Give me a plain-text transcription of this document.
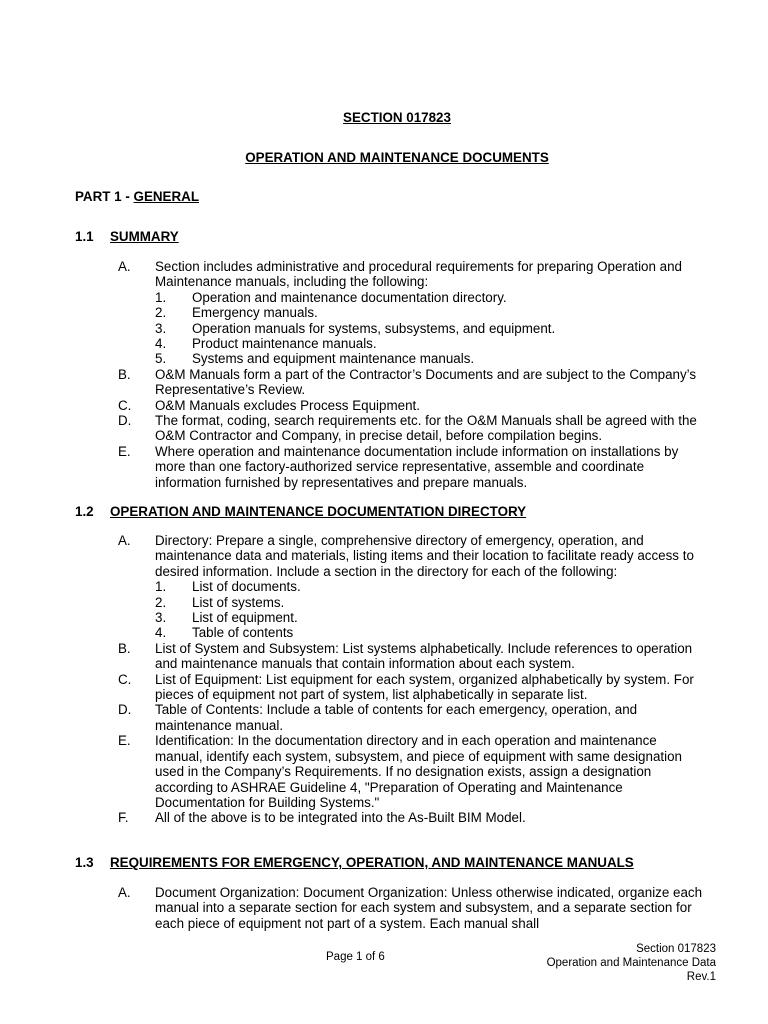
SECTION 017823
OPERATION AND MAINTENANCE DOCUMENTS
PART 1 - GENERAL
1.1 SUMMARY
A.	Section includes administrative and procedural requirements for preparing Operation and Maintenance manuals, including the following:
1.	Operation and maintenance documentation directory.
2.	Emergency manuals.
3.	Operation manuals for systems, subsystems, and equipment.
4.	Product maintenance manuals.
5.	Systems and equipment maintenance manuals.
B.	O&M Manuals form a part of the Contractor’s Documents and are subject to the Company’s Representative’s Review.
C.	O&M Manuals excludes Process Equipment.
D.	The format, coding, search requirements etc. for the O&M Manuals shall be agreed with the O&M Contractor and Company, in precise detail, before compilation begins.
E.	Where operation and maintenance documentation include information on installations by more than one factory-authorized service representative, assemble and coordinate information furnished by representatives and prepare manuals.
1.2 OPERATION AND MAINTENANCE DOCUMENTATION DIRECTORY
A.	Directory: Prepare a single, comprehensive directory of emergency, operation, and maintenance data and materials, listing items and their location to facilitate ready access to desired information. Include a section in the directory for each of the following:
1.	List of documents.
2.	List of systems.
3.	List of equipment.
4.	Table of contents
B.	List of System and Subsystem: List systems alphabetically. Include references to operation and maintenance manuals that contain information about each system.
C.	List of Equipment: List equipment for each system, organized alphabetically by system. For pieces of equipment not part of system, list alphabetically in separate list.
D.	Table of Contents: Include a table of contents for each emergency, operation, and maintenance manual.
E.	Identification: In the documentation directory and in each operation and maintenance manual, identify each system, subsystem, and piece of equipment with same designation used in the Company’s Requirements. If no designation exists, assign a designation according to ASHRAE Guideline 4, "Preparation of Operating and Maintenance Documentation for Building Systems."
F.	All of the above is to be integrated into the As-Built BIM Model.
1.3 REQUIREMENTS FOR EMERGENCY, OPERATION, AND MAINTENANCE MANUALS
A.	Document Organization: Document Organization: Unless otherwise indicated, organize each manual into a separate section for each system and subsystem, and a separate section for each piece of equipment not part of a system. Each manual shall
Page 1 of 6
Section 017823
Operation and Maintenance Data
Rev.1
